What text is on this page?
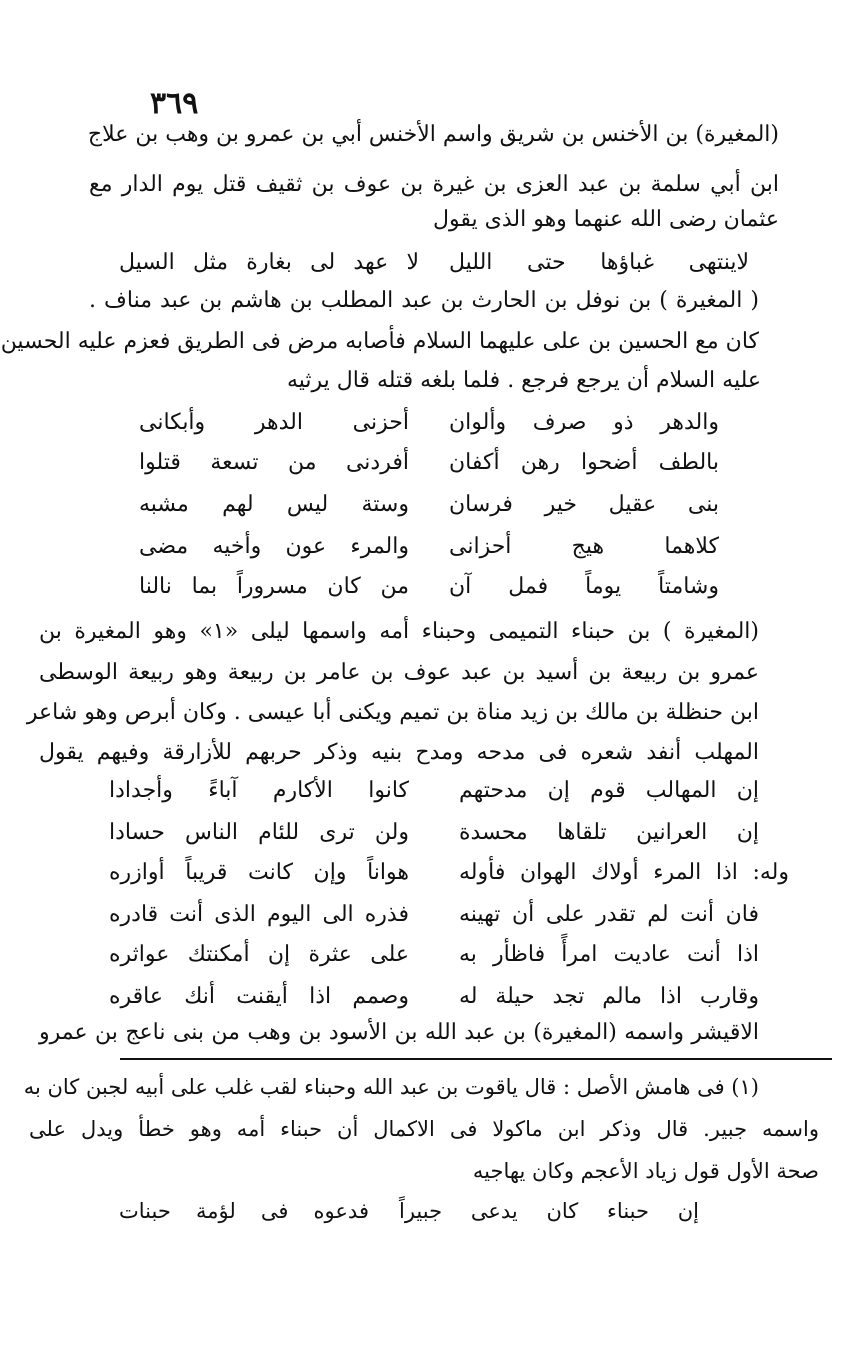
٣٦٩
(المغيرة) بن الأخنس بن شريق واسم الأخنس أبي بن عمرو بن وهب بن علاج
ابن أبي سلمة بن عبد العزى بن غيرة بن عوف بن ثقيف قتل يوم الدار مع
عثمان رضى الله عنهما وهو الذى يقول
لاينتهى غباؤها حتى الليل
لا عهد لى بغارة مثل السيل
( المغيرة ) بن نوفل بن الحارث بن عبد المطلب بن هاشم بن عبد مناف .
كان مع الحسين بن على عليهما السلام فأصابه مرض فى الطريق فعزم عليه الحسين
عليه السلام أن يرجع فرجع . فلما بلغه قتله قال يرثيه
والدهر ذو صرف وألوان
أحزنى الدهر وأبكانى
بالطف أضحوا رهن أكفان
أفردنى من تسعة قتلوا
بنى عقيل خير فرسان
وستة ليس لهم مشبه
كلاهما هيج أحزانى
والمرء عون وأخيه مضى
وشامتاً يوماً فمل آن
من كان مسروراً بما نالنا
(المغيرة ) بن حبناء التميمى وحبناء أمه واسمها ليلى «١» وهو المغيرة بن
عمرو بن ربيعة بن أسيد بن عبد عوف بن عامر بن ربيعة وهو ربيعة الوسطى
ابن حنظلة بن مالك بن زيد مناة بن تميم ويكنى أبا عيسى . وكان أبرص وهو شاعر
المهلب أنفد شعره فى مدحه ومدح بنيه وذكر حربهم للأزارقة وفيهم يقول
إن المهالب قوم إن مدحتهم
كانوا الأكارم آباءً وأجدادا
إن العرانين تلقاها محسدة
ولن ترى للئام الناس حسادا
وله: اذا المرء أولاك الهوان فأوله
هواناً وإن كانت قريباً أوازره
فان أنت لم تقدر على أن تهينه
فذره الى اليوم الذى أنت قادره
اذا أنت عاديت امرأً فاظأر به
على عثرة إن أمكنتك عواثره
وقارب اذا مالم تجد حيلة له
وصمم اذا أيقنت أنك عاقره
الاقيشر واسمه (المغيرة) بن عبد الله بن الأسود بن وهب من بنى ناعج بن عمرو
(١) فى هامش الأصل : قال ياقوت بن عبد الله وحبناء لقب غلب على أبيه لجبن كان به
واسمه جبير. قال وذكر ابن ماكولا فى الاكمال أن حبناء أمه وهو خطأ ويدل على
صحة الأول قول زياد الأعجم وكان يهاجيه
إن حبناء كان يدعى جبيراً
فدعوه فى لؤمة حبنات
